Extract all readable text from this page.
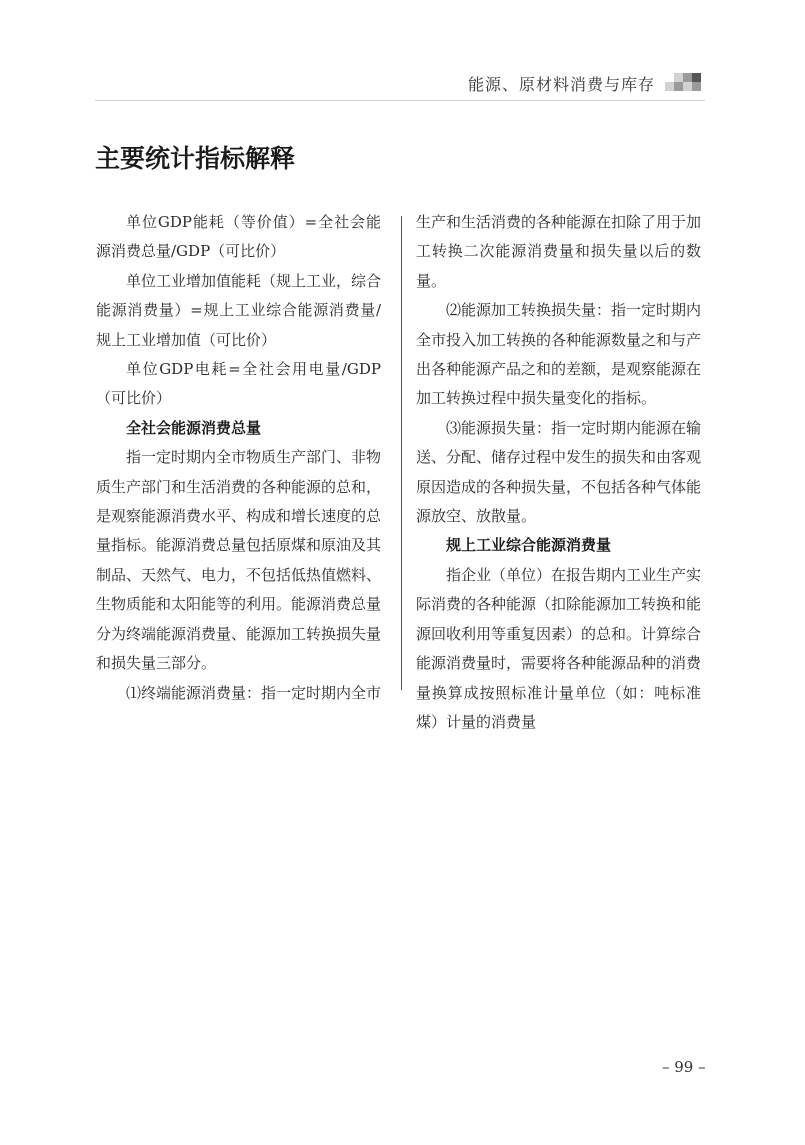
能源、原材料消费与库存
主要统计指标解释

单位GDP能耗（等价值）=全社会能源消费总量/GDP（可比价）

单位工业增加值能耗（规上工业，综合能源消费量）=规上工业综合能源消费量/规上工业增加值（可比价）

单位GDP电耗=全社会用电量/GDP（可比价）

全社会能源消费总量

指一定时期内全市物质生产部门、非物质生产部门和生活消费的各种能源的总和，是观察能源消费水平、构成和增长速度的总量指标。能源消费总量包括原煤和原油及其制品、天然气、电力，不包括低热值燃料、生物质能和太阳能等的利用。能源消费总量分为终端能源消费量、能源加工转换损失量和损失量三部分。

⑴终端能源消费量：指一定时期内全市

生产和生活消费的各种能源在扣除了用于加工转换二次能源消费量和损失量以后的数量。

⑵能源加工转换损失量：指一定时期内全市投入加工转换的各种能源数量之和与产出各种能源产品之和的差额，是观察能源在加工转换过程中损失量变化的指标。

⑶能源损失量：指一定时期内能源在输送、分配、储存过程中发生的损失和由客观原因造成的各种损失量，不包括各种气体能源放空、放散量。

规上工业综合能源消费量

指企业（单位）在报告期内工业生产实际消费的各种能源（扣除能源加工转换和能源回收利用等重复因素）的总和。计算综合能源消费量时，需要将各种能源品种的消费量换算成按照标准计量单位（如：吨标准煤）计量的消费量

– 99 –
